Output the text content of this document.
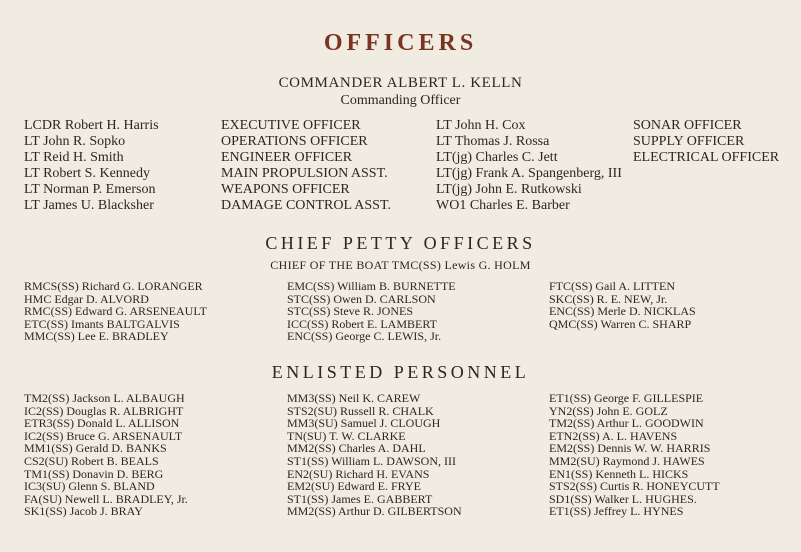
OFFICERS
COMMANDER ALBERT L. KELLN
Commanding Officer
LCDR Robert H. Harris
LT John R. Sopko
LT Reid H. Smith
LT Robert S. Kennedy
LT Norman P. Emerson
LT James U. Blacksher
EXECUTIVE OFFICER
OPERATIONS OFFICER
ENGINEER OFFICER
MAIN PROPULSION ASST.
WEAPONS OFFICER
DAMAGE CONTROL ASST.
LT John H. Cox
LT Thomas J. Rossa
LT(jg) Charles C. Jett
LT(jg) Frank A. Spangenberg, III
LT(jg) John E. Rutkowski
WO1 Charles E. Barber
SONAR OFFICER
SUPPLY OFFICER
ELECTRICAL OFFICER
CHIEF PETTY OFFICERS
CHIEF OF THE BOAT TMC(SS) Lewis G. HOLM
RMCS(SS) Richard G. LORANGER
HMC Edgar D. ALVORD
RMC(SS) Edward G. ARSENEAULT
ETC(SS) Imants BALTGALVIS
MMC(SS) Lee E. BRADLEY
EMC(SS) William B. BURNETTE
STC(SS) Owen D. CARLSON
STC(SS) Steve R. JONES
ICC(SS) Robert E. LAMBERT
ENC(SS) George C. LEWIS, Jr.
FTC(SS) Gail A. LITTEN
SKC(SS) R. E. NEW, Jr.
ENC(SS) Merle D. NICKLAS
QMC(SS) Warren C. SHARP
ENLISTED PERSONNEL
TM2(SS) Jackson L. ALBAUGH
IC2(SS) Douglas R. ALBRIGHT
ETR3(SS) Donald L. ALLISON
IC2(SS) Bruce G. ARSENAULT
MM1(SS) Gerald D. BANKS
CS2(SU) Robert B. BEALS
TM1(SS) Donavin D. BERG
IC3(SU) Glenn S. BLAND
FA(SU) Newell L. BRADLEY, Jr.
SK1(SS) Jacob J. BRAY
MM3(SS) Neil K. CAREW
STS2(SU) Russell R. CHALK
MM3(SU) Samuel J. CLOUGH
TN(SU) T. W. CLARKE
MM2(SS) Charles A. DAHL
ST1(SS) William L. DAWSON, III
EN2(SU) Richard H. EVANS
EM2(SU) Edward E. FRYE
ST1(SS) James E. GABBERT
MM2(SS) Arthur D. GILBERTSON
ET1(SS) George F. GILLESPIE
YN2(SS) John E. GOLZ
TM2(SS) Arthur L. GOODWIN
ETN2(SS) A. L. HAVENS
EM2(SS) Dennis W. W. HARRIS
MM2(SU) Raymond J. HAWES
EN1(SS) Kenneth L. HICKS
STS2(SS) Curtis R. HONEYCUTT
SD1(SS) Walker L. HUGHES.
ET1(SS) Jeffrey L. HYNES
